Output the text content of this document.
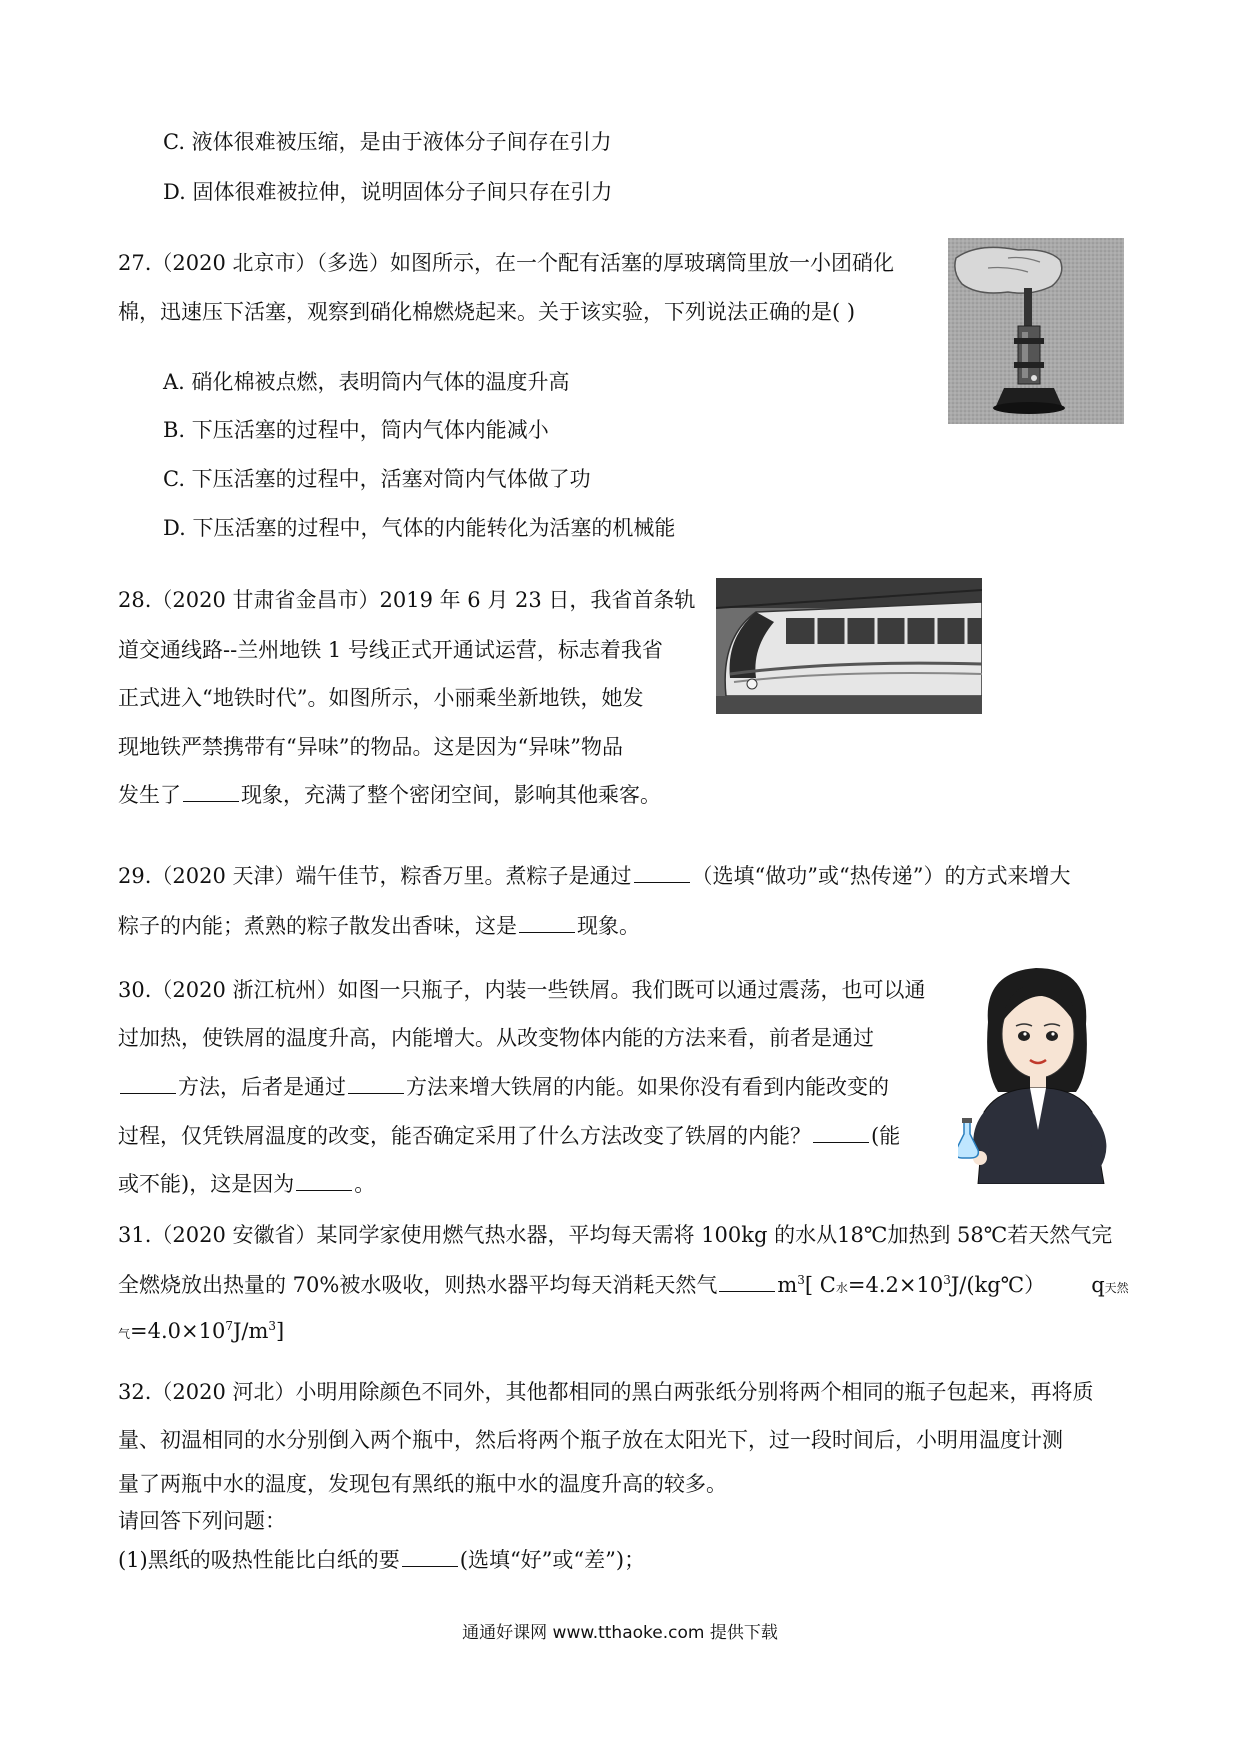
C. 液体很难被压缩，是由于液体分子间存在引力
D. 固体很难被拉伸，说明固体分子间只存在引力
27.（2020 北京市）（多选）如图所示，在一个配有活塞的厚玻璃筒里放一小团硝化
棉，迅速压下活塞，观察到硝化棉燃烧起来。关于该实验，下列说法正确的是( )
A. 硝化棉被点燃，表明筒内气体的温度升高
B. 下压活塞的过程中，筒内气体内能减小
C. 下压活塞的过程中，活塞对筒内气体做了功
D. 下压活塞的过程中，气体的内能转化为活塞的机械能
28.（2020 甘肃省金昌市）2019 年 6 月 23 日，我省首条轨
道交通线路--兰州地铁 1 号线正式开通试运营，标志着我省
正式进入“地铁时代”。如图所示，小丽乘坐新地铁，她发
现地铁严禁携带有“异味”的物品。这是因为“异味”物品
发生了	现象，充满了整个密闭空间，影响其他乘客。
29.（2020 天津）端午佳节，粽香万里。煮粽子是通过	（选填“做功”或“热传递”）的方式来增大
粽子的内能；煮熟的粽子散发出香味，这是	现象。
30.（2020 浙江杭州）如图一只瓶子，内装一些铁屑。我们既可以通过震荡，也可以通
过加热，使铁屑的温度升高，内能增大。从改变物体内能的方法来看，前者是通过
方法，后者是通过	方法来增大铁屑的内能。如果你没有看到内能改变的
过程，仅凭铁屑温度的改变，能否确定采用了什么方法改变了铁屑的内能？	(能
或不能)，这是因为	。
31.（2020 安徽省）某同学家使用燃气热水器，平均每天需将 100kg 的水从18℃加热到 58℃若天然气完
全燃烧放出热量的 70%被水吸收，则热水器平均每天消耗天然气	$m^3$[ C水$=4.2\times 10^3J/(kg℃)$ q天然
气$=4.0\times 10^7J/m^3$]
32.（2020 河北）小明用除颜色不同外，其他都相同的黑白两张纸分别将两个相同的瓶子包起来，再将质
量、初温相同的水分别倒入两个瓶中，然后将两个瓶子放在太阳光下，过一段时间后，小明用温度计测
量了两瓶中水的温度，发现包有黑纸的瓶中水的温度升高的较多。
请回答下列问题：
(1)黑纸的吸热性能比白纸的要	(选填“好”或“差”)；
通通好课网 www.tthaoke.com 提供下载
